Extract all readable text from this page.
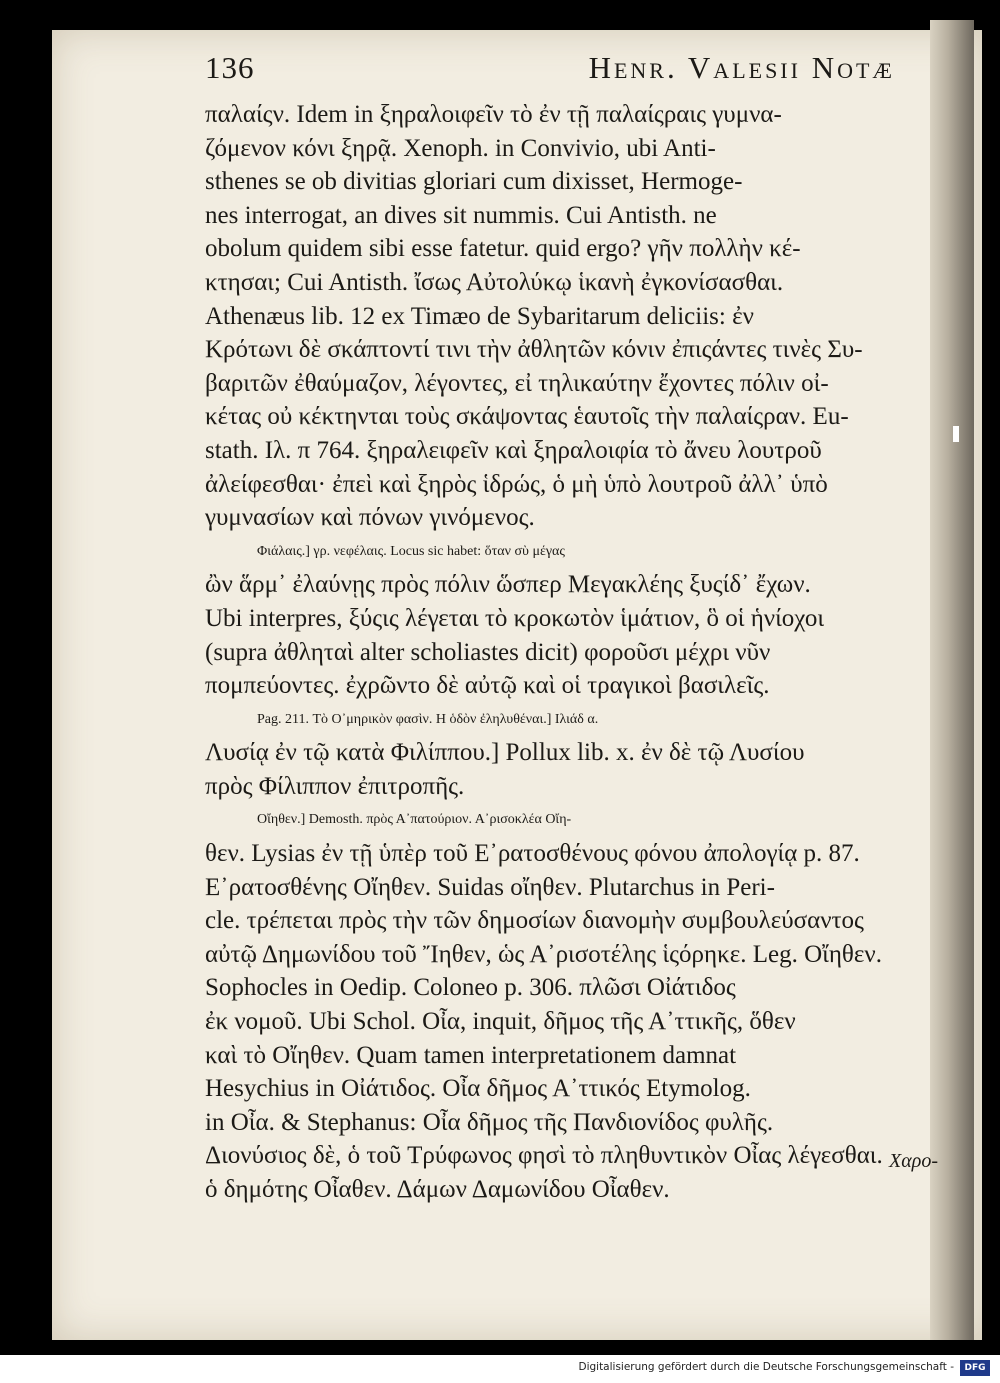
136	Henr. Valesii Notæ
παλαίςν. Idem in ξηραλοιφεῖν τὸ ἐν τῇ παλαίςραις γυμνα-
ζόμενον κόνι ξηρᾷ. Xenoph. in Convivio, ubi Anti-
sthenes se ob divitias gloriari cum dixisset, Hermoge-
nes interrogat, an dives sit nummis. Cui Antisth. ne
obolum quidem sibi esse fatetur. quid ergo? γῆν πολλὴν κέ-
κτησαι; Cui Antisth. ἴσως Αὐτολύκῳ ἱκανὴ ἐγκονίσασθαι.
Athenæus lib. 12 ex Timæo de Sybaritarum deliciis: ἐν
Κρότωνι δὲ σκάπτοντί τινι τὴν ἀθλητῶν κόνιν ἐπιςάντες τινὲς Συ-
βαριτῶν ἐθαύμαζον, λέγοντες, εἰ τηλικαύτην ἔχοντες πόλιν οἰ-
κέτας οὐ κέκτηνται τοὺς σκάψοντας ἑαυτοῖς τὴν παλαίςραν. Eu-
stath. Iλ. π 764. ξηραλειφεῖν καὶ ξηραλοιφία τὸ ἄνευ λουτροῦ
ἀλείφεσθαι· ἐπεὶ καὶ ξηρὸς ἱδρώς, ὁ μὴ ὑπὸ λουτροῦ ἀλλ᾽ ὑπὸ
γυμνασίων καὶ πόνων γινόμενος.
Φιάλαις.] γρ. νεφέλαις. Locus sic habet: ὅταν σὺ μέγας
ὢν ἅρμ᾽ ἐλαύνῃς πρὸς πόλιν ὥσπερ Μεγακλέης ξυςίδ᾽ ἔχων.
Ubi interpres, ξύςις λέγεται τὸ κροκωτὸν ἱμάτιον, ὃ οἱ ἡνίοχοι
(supra ἀθληταὶ alter scholiastes dicit) φοροῦσι μέχρι νῦν
πομπεύοντες. ἐχρῶντο δὲ αὐτῷ καὶ οἱ τραγικοὶ βασιλεῖς.
Pag. 211. Τὸ Ο᾽μηρικὸν φασὶν. Η ὁδὸν ἐληλυθέναι.] Iλιάδ α.
Λυσίᾳ ἐν τῷ κατὰ Φιλίππου.] Pollux lib. x. ἐν δὲ τῷ Λυσίου
πρὸς Φίλιππον ἐπιτροπῆς.
Οἴηθεν.] Demosth. πρὸς Α᾽πατούριον. Α᾽ρισοκλέα Οἴη-
θεν. Lysias ἐν τῇ ὑπὲρ τοῦ Ε᾽ρατοσθένους φόνου ἀπολογίᾳ p. 87.
Ε᾽ρατοσθένης Οἴηθεν. Suidas οἴηθεν. Plutarchus in Peri-
cle. τρέπεται πρὸς τὴν τῶν δημοσίων διανομὴν συμβουλεύσαντος
αὐτῷ Δημωνίδου τοῦ Ἴηθεν, ὡς Α᾽ρισοτέλης ἱςόρηκε. Leg. Οἴηθεν.
Sophocles in Oedip. Coloneo p. 306. πλῶσι Οἰάτιδος
ἐκ νομοῦ. Ubi Schol. Οἶα, inquit, δῆμος τῆς Α᾽ττικῆς, ὅθεν
καὶ τὸ Οἴηθεν. Quam tamen interpretationem damnat
Hesychius in Οἰάτιδος. Οἶα δῆμος Α᾽ττικός Etymolog.
in Οἶα. & Stephanus: Οἶα δῆμος τῆς Πανδιονίδος φυλῆς.
Διονύσιος δὲ, ὁ τοῦ Τρύφωνος φησὶ τὸ πληθυντικὸν Οἶας λέγεσθαι.
ὁ δημότης Οἶαθεν. Δάμων Δαμωνίδου Οἶαθεν.
Χαρο-
Digitalisierung gefördert durch die Deutsche Forschungsgemeinschaft -	DFG
